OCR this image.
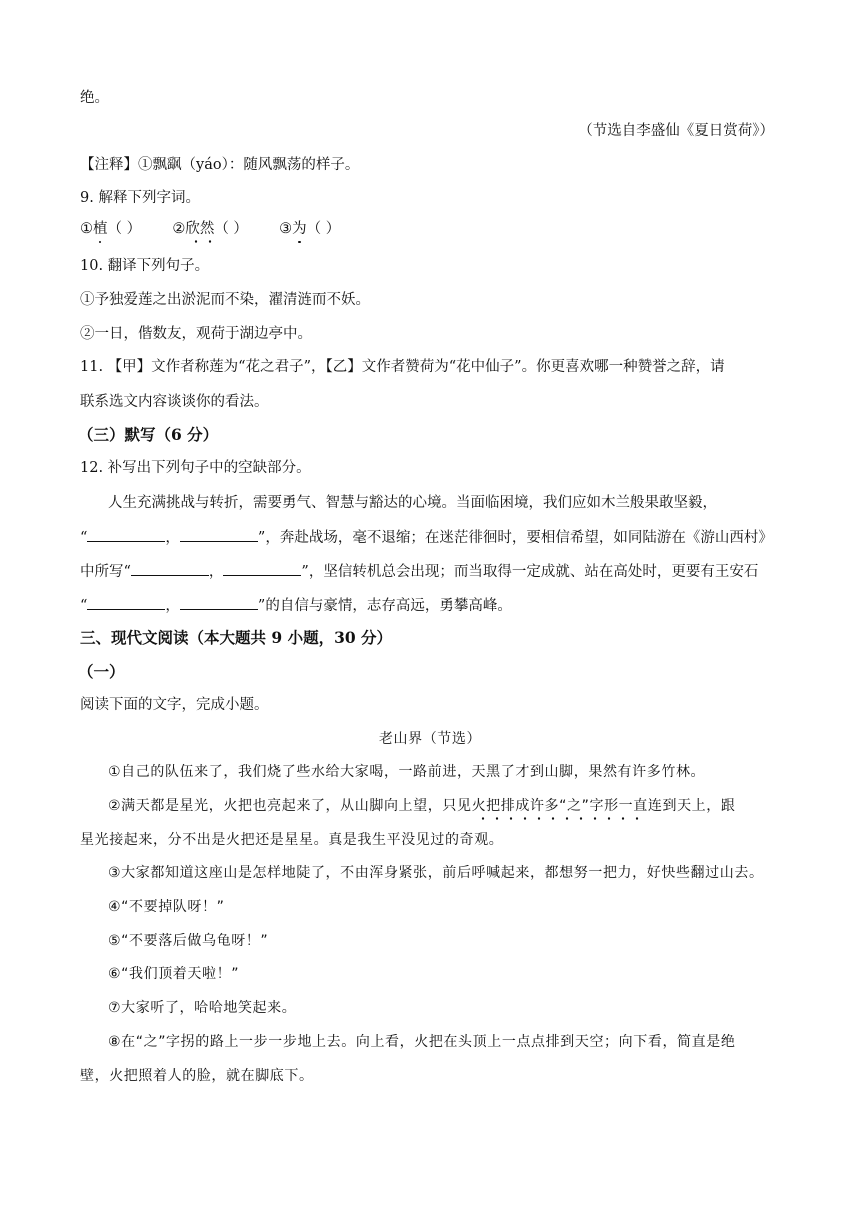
绝。
（节选自李盛仙《夏日赏荷》）
【注释】①飘飖（yáo）：随风飘荡的样子。
9. 解释下列字词。
①植（ ） ②欣然（ ） ③为（ ）
10. 翻译下列句子。
①予独爱莲之出淤泥而不染，濯清涟而不妖。
②一日，偕数友，观荷于湖边亭中。
11. 【甲】文作者称莲为“花之君子”，【乙】文作者赞荷为“花中仙子”。你更喜欢哪一种赞誉之辞，请
联系选文内容谈谈你的看法。
（三）默写（6 分）
12. 补写出下列句子中的空缺部分。
人生充满挑战与转折，需要勇气、智慧与豁达的心境。当面临困境，我们应如木兰般果敢坚毅，
“	，	”，奔赴战场，毫不退缩；在迷茫徘徊时，要相信希望，如同陆游在《游山西村》
中所写“	，	”，坚信转机总会出现；而当取得一定成就、站在高处时，更要有王安石
“	，	”的自信与豪情，志存高远，勇攀高峰。
三、现代文阅读（本大题共 9 小题，30 分）
（一）
阅读下面的文字，完成小题。
老山界（节选）
①自己的队伍来了，我们烧了些水给大家喝，一路前进，天黑了才到山脚，果然有许多竹林。
②满天都是星光，火把也亮起来了，从山脚向上望，只见火把排成许多“之”字形一直连到天上，跟
星光接起来，分不出是火把还是星星。真是我生平没见过的奇观。
③大家都知道这座山是怎样地陡了，不由浑身紧张，前后呼喊起来，都想努一把力，好快些翻过山去。
④“不要掉队呀！”
⑤“不要落后做乌龟呀！”
⑥“我们顶着天啦！”
⑦大家听了，哈哈地笑起来。
⑧在“之”字拐的路上一步一步地上去。向上看，火把在头顶上一点点排到天空；向下看，简直是绝
壁，火把照着人的脸，就在脚底下。
